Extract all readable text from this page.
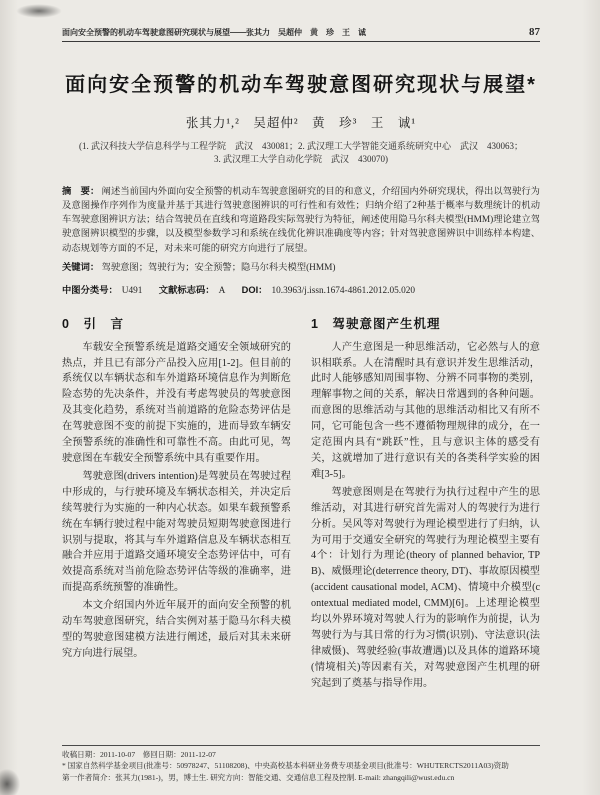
面向安全预警的机动车驾驶意图研究现状与展望——张其力　吴超仲　黄　珍　王　诚	87
面向安全预警的机动车驾驶意图研究现状与展望*
张其力¹,²　吴超仲²　黄　珍³　王　诚¹
(1. 武汉科技大学信息科学与工程学院　武汉　430081；2. 武汉理工大学智能交通系统研究中心　武汉　430063；
3. 武汉理工大学自动化学院　武汉　430070)

摘　要： 阐述当前国内外面向安全预警的机动车驾驶意图研究的目的和意义，介绍国内外研究现状，得出以驾驶行为及意图操作序列作为度量并基于其进行驾驶意图辨识的可行性和有效性；归纳介绍了2种基于概率与数理统计的机动车驾驶意图辨识方法；结合驾驶员在直线和弯道路段实际驾驶行为特征，阐述使用隐马尔科夫模型(HMM)理论建立驾驶意图辨识模型的步骤，以及模型参数学习和系统在线优化辨识准确度等内容；针对驾驶意图辨识中训练样本构建、动态规划等方面的不足，对未来可能的研究方向进行了展望。

关键词： 驾驶意图；驾驶行为；安全预警；隐马尔科夫模型(HMM)

中图分类号： U491 文献标志码： A DOI： 10.3963/j.issn.1674-4861.2012.05.020

0　引　言

车载安全预警系统是道路交通安全领域研究的热点，并且已有部分产品投入应用[1-2]。但目前的系统仅以车辆状态和车外道路环境信息作为判断危险态势的先决条件，并没有考虑驾驶员的驾驶意图及其变化趋势，系统对当前道路的危险态势评估是在驾驶意图不变的前提下实施的，进而导致车辆安全预警系统的准确性和可靠性不高。由此可见，驾驶意图在车载安全预警系统中具有重要作用。

驾驶意图(drivers intention)是驾驶员在驾驶过程中形成的，与行驶环境及车辆状态相关，并决定后续驾驶行为实施的一种内心状态。如果车载预警系统在车辆行驶过程中能对驾驶员短期驾驶意图进行识别与提取，将其与车外道路信息及车辆状态相互融合并应用于道路交通环境安全态势评估中，可有效提高系统对当前危险态势评估等级的准确率，进而提高系统预警的准确性。

本文介绍国内外近年展开的面向安全预警的机动车驾驶意图研究，结合实例对基于隐马尔科夫模型的驾驶意图建模方法进行阐述，最后对其未来研究方向进行展望。

1　驾驶意图产生机理

人产生意图是一种思维活动，它必然与人的意识相联系。人在清醒时具有意识并发生思维活动，此时人能够感知周围事物、分辨不同事物的类别，理解事物之间的关系，解决日常遇到的各种问题。而意图的思维活动与其他的思维活动相比又有所不同，它可能包含一些不遵循物理规律的成分，在一定范围内具有“跳跃”性，且与意识主体的感受有关，这就增加了进行意识有关的各类科学实验的困难[3-5]。

驾驶意图则是在驾驶行为执行过程中产生的思维活动，对其进行研究首先需对人的驾驶行为进行分析。吴风等对驾驶行为理论模型进行了归纳，认为可用于交通安全研究的驾驶行为理论模型主要有4个：计划行为理论(theory of planned behavior, TPB)、威慑理论(deterrence theory, DT)、事故原因模型(accident causational model, ACM)、情境中介模型(contextual mediated model, CMM)[6]。上述理论模型均以外界环境对驾驶人行为的影响作为前提，认为驾驶行为与其日常的行为习惯(识别)、守法意识(法律威慑)、驾驶经验(事故遭遇)以及具体的道路环境(情境相关)等因素有关，对驾驶意图产生机理的研究起到了奠基与指导作用。

收稿日期：2011-10-07　修回日期：2011-12-07
* 国家自然科学基金项目(批准号：50978247、51108208)、中央高校基本科研业务费专项基金项目(批准号：WHUTERCTS2011A03)资助
第一作者简介：张其力(1981-)，男，博士生. 研究方向：智能交通、交通信息工程及控制. E-mail: zhangqili@wust.edu.cn
